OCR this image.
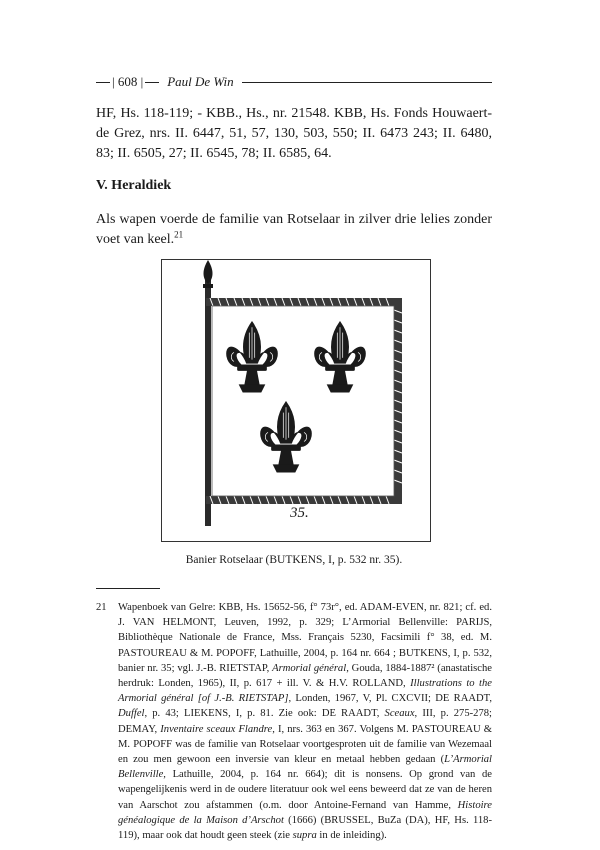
| 608 | Paul De Win

HF, Hs. 118-119; - KBB., Hs., nr. 21548. KBB, Hs. Fonds Houwaert-de Grez, nrs. II. 6447, 51, 57, 130, 503, 550; II. 6473 243; II. 6480, 83; II. 6505, 27; II. 6545, 78; II. 6585, 64.

V. Heraldiek

Als wapen voerde de familie van Rotselaar in zilver drie lelies zonder voet van keel.$^{21}$

35.
Banier Rotselaar (BUTKENS, I, p. 532 nr. 35).
21	Wapenboek van Gelre: KBB, Hs. 15652-56, f° 73r°, ed. ADAM-EVEN, nr. 821; cf. ed. J. VAN HELMONT, Leuven, 1992, p. 329; L’Armorial Bellenville: PARIJS, Bibliothèque Nationale de France, Mss. Français 5230, Facsimili f° 38, ed. M. PASTOUREAU & M. POPOFF, Lathuille, 2004, p. 164 nr. 664 ; BUTKENS, I, p. 532, banier nr. 35; vgl. J.-B. RIETSTAP, Armorial général, Gouda, 1884-1887² (anastatische herdruk: Londen, 1965), II, p. 617 + ill. V. & H.V. ROLLAND, Illustrations to the Armorial général [of J.-B. RIETSTAP], Londen, 1967, V, Pl. CXCVII; DE RAADT, Duffel, p. 43; LIEKENS, I, p. 81. Zie ook: DE RAADT, Sceaux, III, p. 275-278; DEMAY, Inventaire sceaux Flandre, I, nrs. 363 en 367. Volgens M. PASTOUREAU & M. POPOFF was de familie van Rotselaar voortgesproten uit de familie van Wezemaal en zou men gewoon een inversie van kleur en metaal hebben gedaan (L’Armorial Bellenville, Lathuille, 2004, p. 164 nr. 664); dit is nonsens. Op grond van de wapengelijkenis werd in de oudere literatuur ook wel eens beweerd dat ze van de heren van Aarschot zou afstammen (o.m. door Antoine-Fernand van Hamme, Histoire généalogique de la Maison d’Arschot (1666) (BRUSSEL, BuZa (DA), HF, Hs. 118-119), maar ook dat houdt geen steek (zie supra in de inleiding).
